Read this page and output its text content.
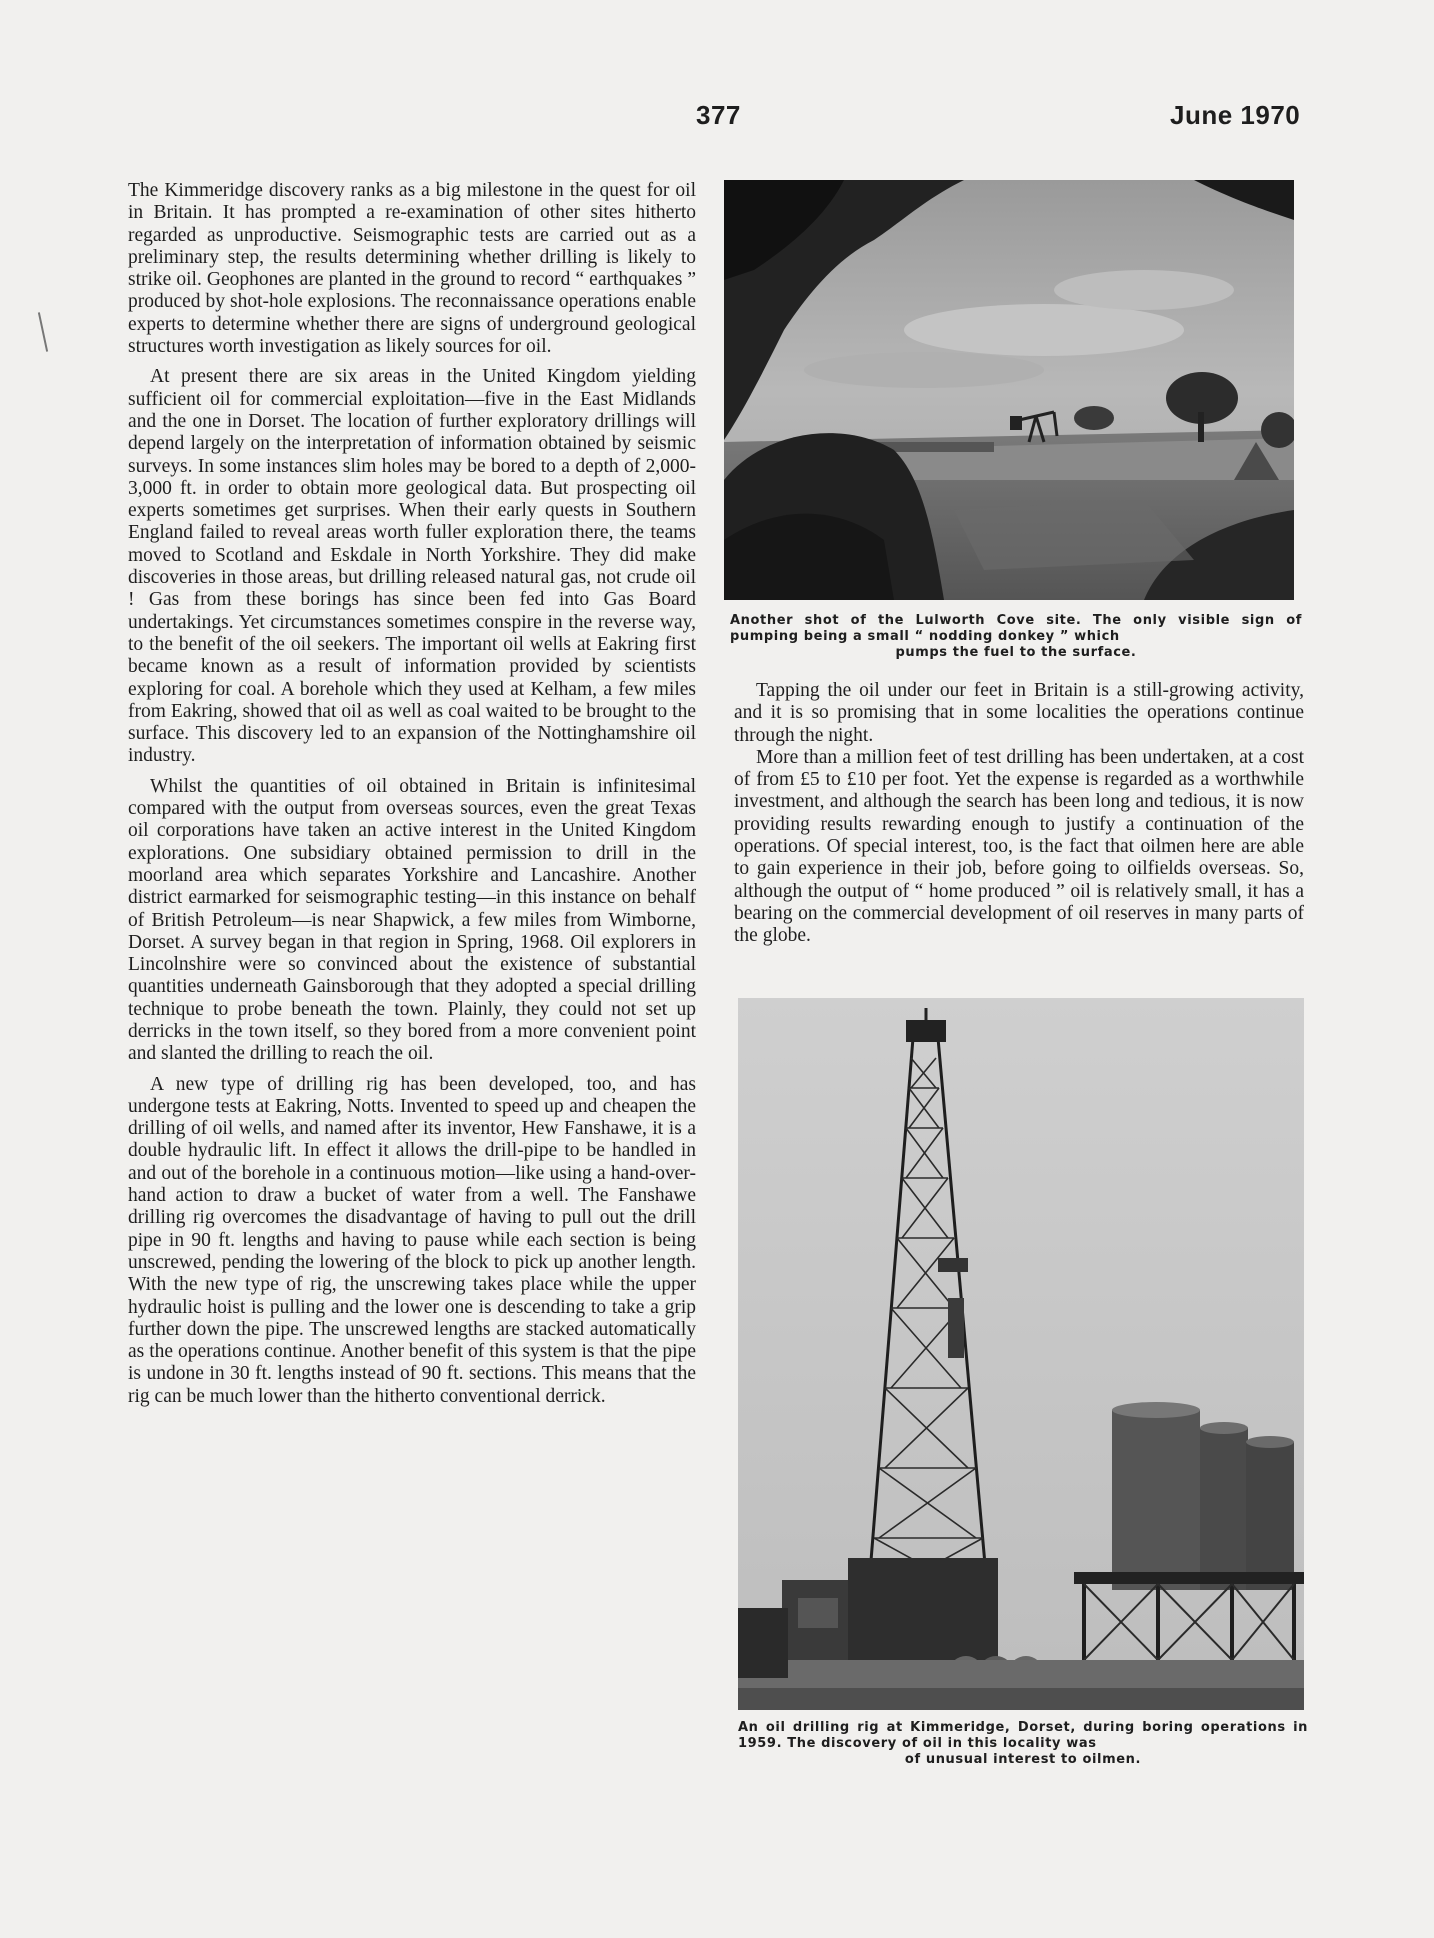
377	June 1970

The Kimmeridge discovery ranks as a big milestone in the quest for oil in Britain. It has prompted a re-examination of other sites hitherto regarded as unproductive. Seismographic tests are carried out as a preliminary step, the results determining whether drilling is likely to strike oil. Geophones are planted in the ground to record “ earthquakes ” produced by shot-hole explosions. The reconnaissance operations enable experts to determine whether there are signs of underground geological structures worth investigation as likely sources for oil.

At present there are six areas in the United Kingdom yielding sufficient oil for commercial exploitation—five in the East Midlands and the one in Dorset. The location of further exploratory drillings will depend largely on the interpretation of information obtained by seismic surveys. In some instances slim holes may be bored to a depth of 2,000-3,000 ft. in order to obtain more geological data. But prospecting oil experts sometimes get surprises. When their early quests in Southern England failed to reveal areas worth fuller exploration there, the teams moved to Scotland and Eskdale in North Yorkshire. They did make discoveries in those areas, but drilling released natural gas, not crude oil ! Gas from these borings has since been fed into Gas Board undertakings. Yet circumstances sometimes conspire in the reverse way, to the benefit of the oil seekers. The important oil wells at Eakring first became known as a result of information provided by scientists exploring for coal. A borehole which they used at Kelham, a few miles from Eakring, showed that oil as well as coal waited to be brought to the surface. This discovery led to an expansion of the Nottinghamshire oil industry.

Whilst the quantities of oil obtained in Britain is infinitesimal compared with the output from overseas sources, even the great Texas oil corporations have taken an active interest in the United Kingdom explorations. One subsidiary obtained permission to drill in the moorland area which separates Yorkshire and Lancashire. Another district earmarked for seismographic testing—in this instance on behalf of British Petroleum—is near Shapwick, a few miles from Wimborne, Dorset. A survey began in that region in Spring, 1968. Oil explorers in Lincolnshire were so convinced about the existence of substantial quantities underneath Gainsborough that they adopted a special drilling technique to probe beneath the town. Plainly, they could not set up derricks in the town itself, so they bored from a more convenient point and slanted the drilling to reach the oil.

A new type of drilling rig has been developed, too, and has undergone tests at Eakring, Notts. Invented to speed up and cheapen the drilling of oil wells, and named after its inventor, Hew Fanshawe, it is a double hydraulic lift. In effect it allows the drill-pipe to be handled in and out of the borehole in a continuous motion—like using a hand-over-hand action to draw a bucket of water from a well. The Fanshawe drilling rig overcomes the disadvantage of having to pull out the drill pipe in 90 ft. lengths and having to pause while each section is being unscrewed, pending the lowering of the block to pick up another length. With the new type of rig, the unscrewing takes place while the upper hydraulic hoist is pulling and the lower one is descending to take a grip further down the pipe. The unscrewed lengths are stacked automatically as the operations continue. Another benefit of this system is that the pipe is undone in 30 ft. lengths instead of 90 ft. sections. This means that the rig can be much lower than the hitherto conventional derrick.

Another shot of the Lulworth Cove site. The only visible sign of pumping being a small “ nodding donkey ” which
pumps the fuel to the surface.

Tapping the oil under our feet in Britain is a still-growing activity, and it is so promising that in some localities the operations continue through the night.

More than a million feet of test drilling has been undertaken, at a cost of from £5 to £10 per foot. Yet the expense is regarded as a worthwhile investment, and although the search has been long and tedious, it is now providing results rewarding enough to justify a continuation of the operations. Of special interest, too, is the fact that oilmen here are able to gain experience in their job, before going to oilfields overseas. So, although the output of “ home produced ” oil is relatively small, it has a bearing on the commercial development of oil reserves in many parts of the globe.

An oil drilling rig at Kimmeridge, Dorset, during boring operations in 1959. The discovery of oil in this locality was
of unusual interest to oilmen.
